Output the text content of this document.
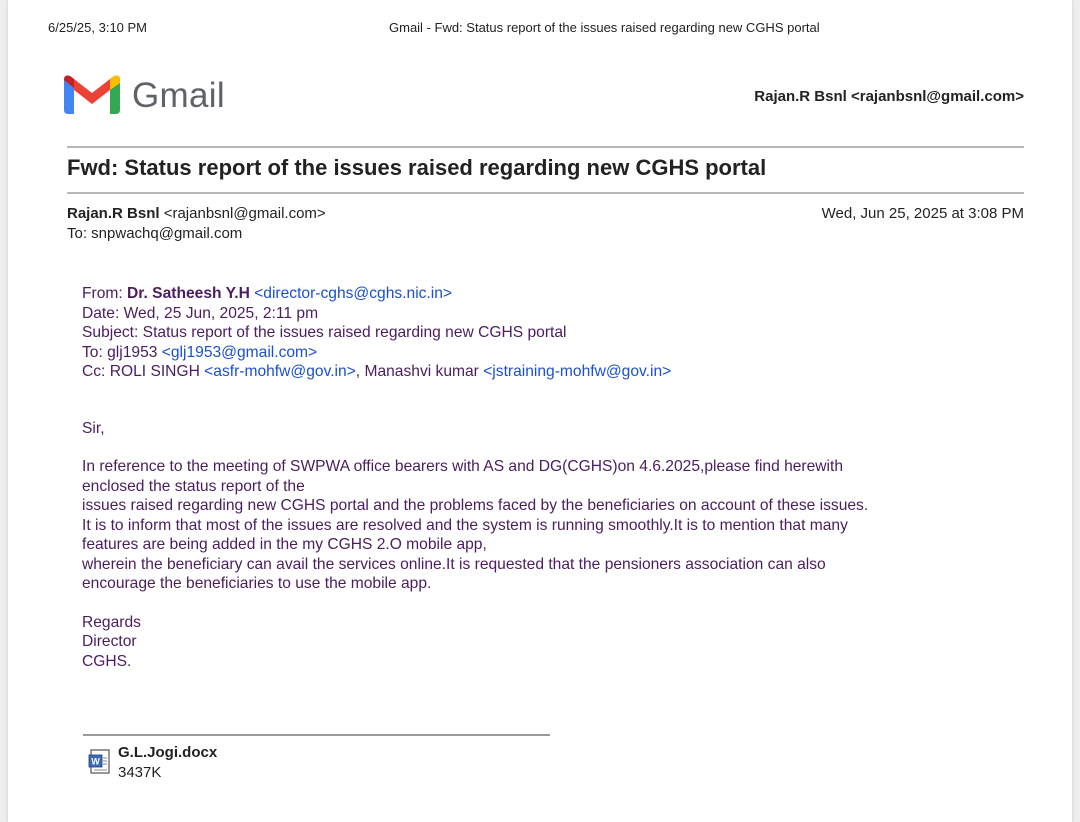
6/25/25, 3:10 PM	Gmail - Fwd: Status report of the issues raised regarding new CGHS portal
Gmail	Rajan.R Bsnl <rajanbsnl@gmail.com>
Fwd: Status report of the issues raised regarding new CGHS portal
Rajan.R Bsnl <rajanbsnl@gmail.com>
To: snpwachq@gmail.com
Wed, Jun 25, 2025 at 3:08 PM
From: Dr. Satheesh Y.H <director-cghs@cghs.nic.in>
Date: Wed, 25 Jun, 2025, 2:11 pm
Subject: Status report of the issues raised regarding new CGHS portal
To: glj1953 <glj1953@gmail.com>
Cc: ROLI SINGH <asfr-mohfw@gov.in>, Manashvi kumar <jstraining-mohfw@gov.in>

Sir,

In reference to the meeting of SWPWA office bearers with AS and DG(CGHS)on 4.6.2025,please find herewith
enclosed the status report of the
issues raised regarding new CGHS portal and the problems faced by the beneficiaries on account of these issues.
It is to inform that most of the issues are resolved and the system is running smoothly.It is to mention that many
features are being added in the my CGHS 2.O mobile app,
wherein the beneficiary can avail the services online.It is requested that the pensioners association can also
encourage the beneficiaries to use the mobile app.
Regards
Director
CGHS.
W
G.L.Jogi.docx
3437K
